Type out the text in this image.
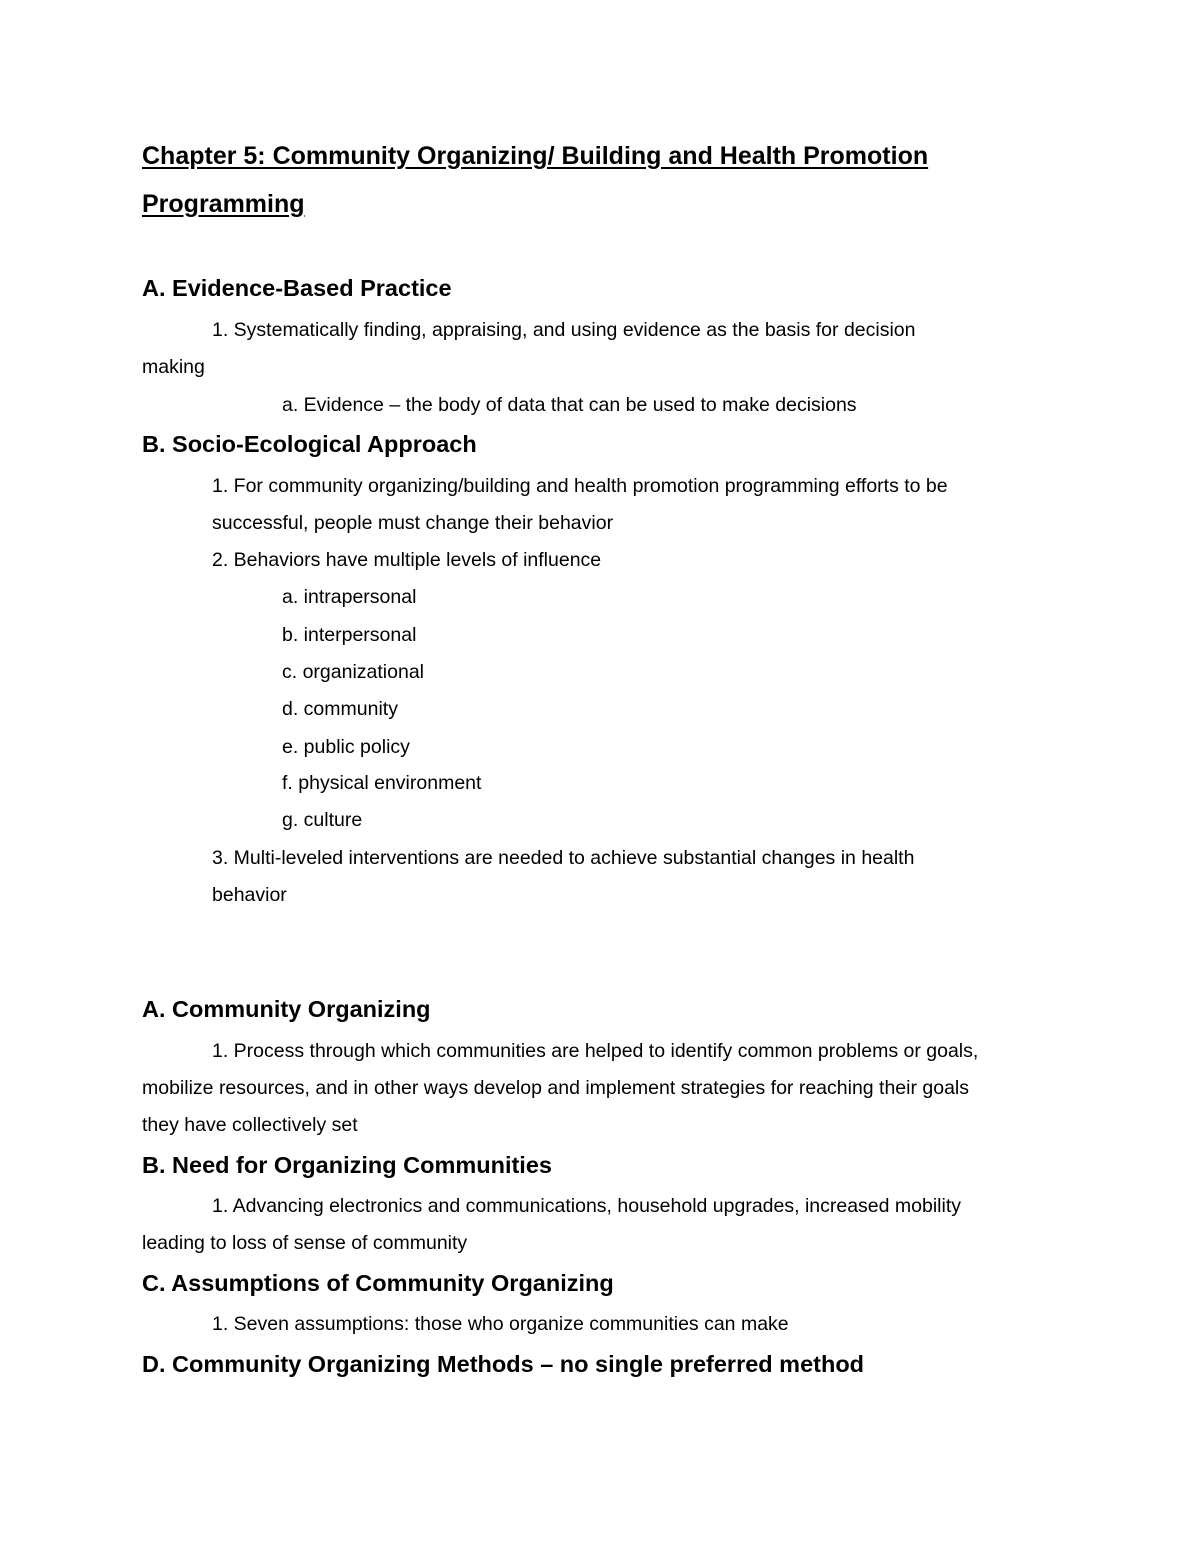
Chapter 5: Community Organizing/ Building and Health Promotion
Programming
A. Evidence-Based Practice
1. Systematically finding, appraising, and using evidence as the basis for decision
making
a. Evidence – the body of data that can be used to make decisions
B. Socio-Ecological Approach
1. For community organizing/building and health promotion programming efforts to be
successful, people must change their behavior
2. Behaviors have multiple levels of influence
a. intrapersonal
b. interpersonal
c. organizational
d. community
e. public policy
f. physical environment
g. culture
3. Multi-leveled interventions are needed to achieve substantial changes in health
behavior
A. Community Organizing
1. Process through which communities are helped to identify common problems or goals,
mobilize resources, and in other ways develop and implement strategies for reaching their goals
they have collectively set
B. Need for Organizing Communities
1. Advancing electronics and communications, household upgrades, increased mobility
leading to loss of sense of community
C. Assumptions of Community Organizing
1. Seven assumptions: those who organize communities can make
D. Community Organizing Methods – no single preferred method
